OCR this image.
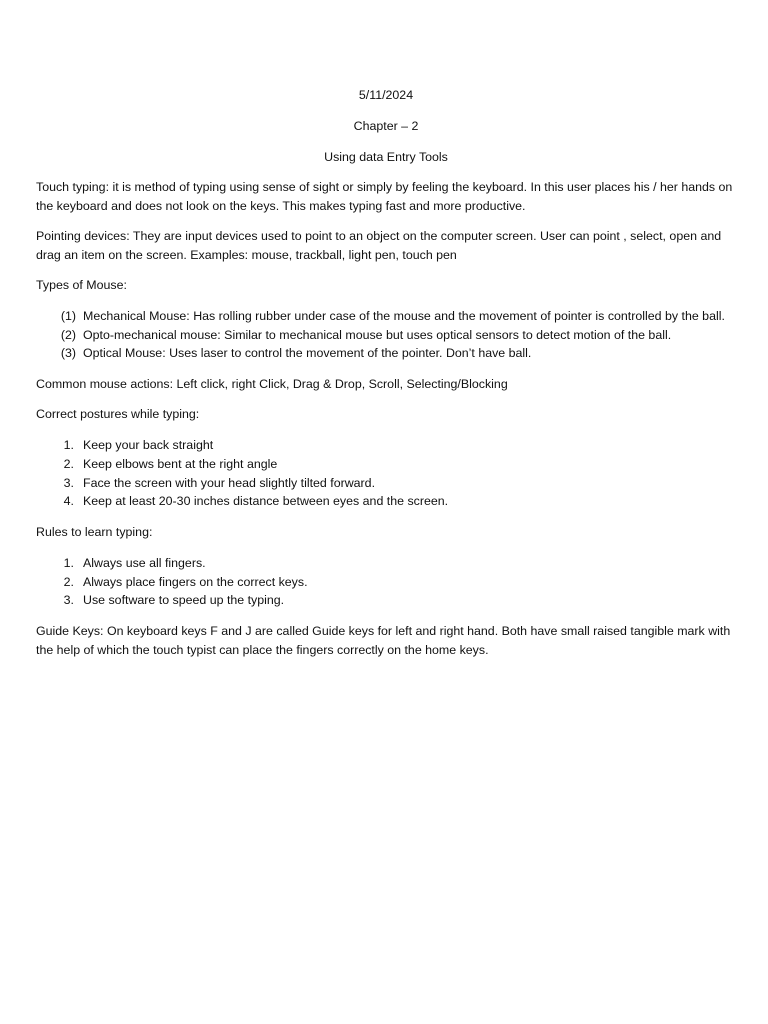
5/11/2024

Chapter – 2

Using data Entry Tools

Touch typing: it is method of typing using sense of sight or simply by feeling the keyboard. In this user places his / her hands on the keyboard and does not look on the keys. This makes typing fast and more productive.

Pointing devices: They are input devices used to point to an object on the computer screen. User can point , select, open and drag an item on the screen. Examples: mouse, trackball, light pen, touch pen

Types of Mouse:

(1) Mechanical Mouse: Has rolling rubber under case of the mouse and the movement of pointer is controlled by the ball.
(2) Opto-mechanical mouse: Similar to mechanical mouse but uses optical sensors to detect motion of the ball.
(3) Optical Mouse: Uses laser to control the movement of the pointer. Don’t have ball.

Common mouse actions: Left click, right Click, Drag & Drop, Scroll, Selecting/Blocking

Correct postures while typing:

1. Keep your back straight
2. Keep elbows bent at the right angle
3. Face the screen with your head slightly tilted forward.
4. Keep at least 20-30 inches distance between eyes and the screen.

Rules to learn typing:

1. Always use all fingers.
2. Always place fingers on the correct keys.
3. Use software to speed up the typing.

Guide Keys: On keyboard keys F and J are called Guide keys for left and right hand. Both have small raised tangible mark with the help of which the touch typist can place the fingers correctly on the home keys.
